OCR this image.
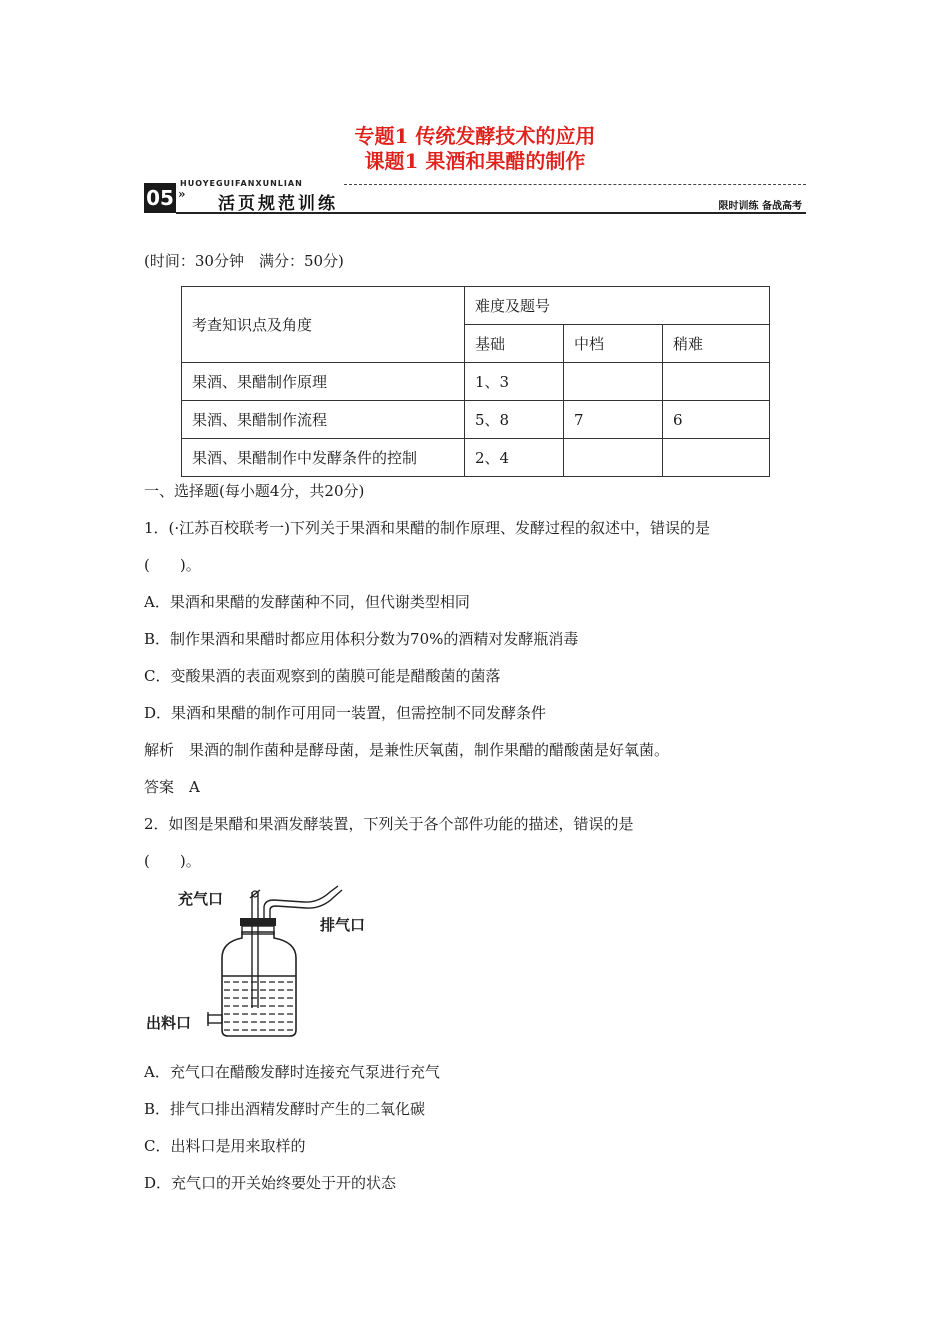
专题1 传统发酵技术的应用
课题1 果酒和果醋的制作
HUOYEGUIFANXUNLIAN
05 » 活页规范训练	限时训练 备战高考
(时间：30分钟　满分：50分)
考查知识点及角度	难度及题号		
	基础	中档	稍难
果酒、果醋制作原理	1、3		
果酒、果醋制作流程	5、8	7	6
果酒、果醋制作中发酵条件的控制	2、4		
一、选择题(每小题4分，共20分)
1．(·江苏百校联考一)下列关于果酒和果醋的制作原理、发酵过程的叙述中，错误的是
(　　)。
A．果酒和果醋的发酵菌种不同，但代谢类型相同
B．制作果酒和果醋时都应用体积分数为70%的酒精对发酵瓶消毒
C．变酸果酒的表面观察到的菌膜可能是醋酸菌的菌落
D．果酒和果醋的制作可用同一装置，但需控制不同发酵条件
解析　果酒的制作菌种是酵母菌，是兼性厌氧菌，制作果醋的醋酸菌是好氧菌。
答案　A
2．如图是果醋和果酒发酵装置，下列关于各个部件功能的描述，错误的是
(　　)。
充气口
排气口
出料口
A．充气口在醋酸发酵时连接充气泵进行充气
B．排气口排出酒精发酵时产生的二氧化碳
C．出料口是用来取样的
D．充气口的开关始终要处于开的状态
